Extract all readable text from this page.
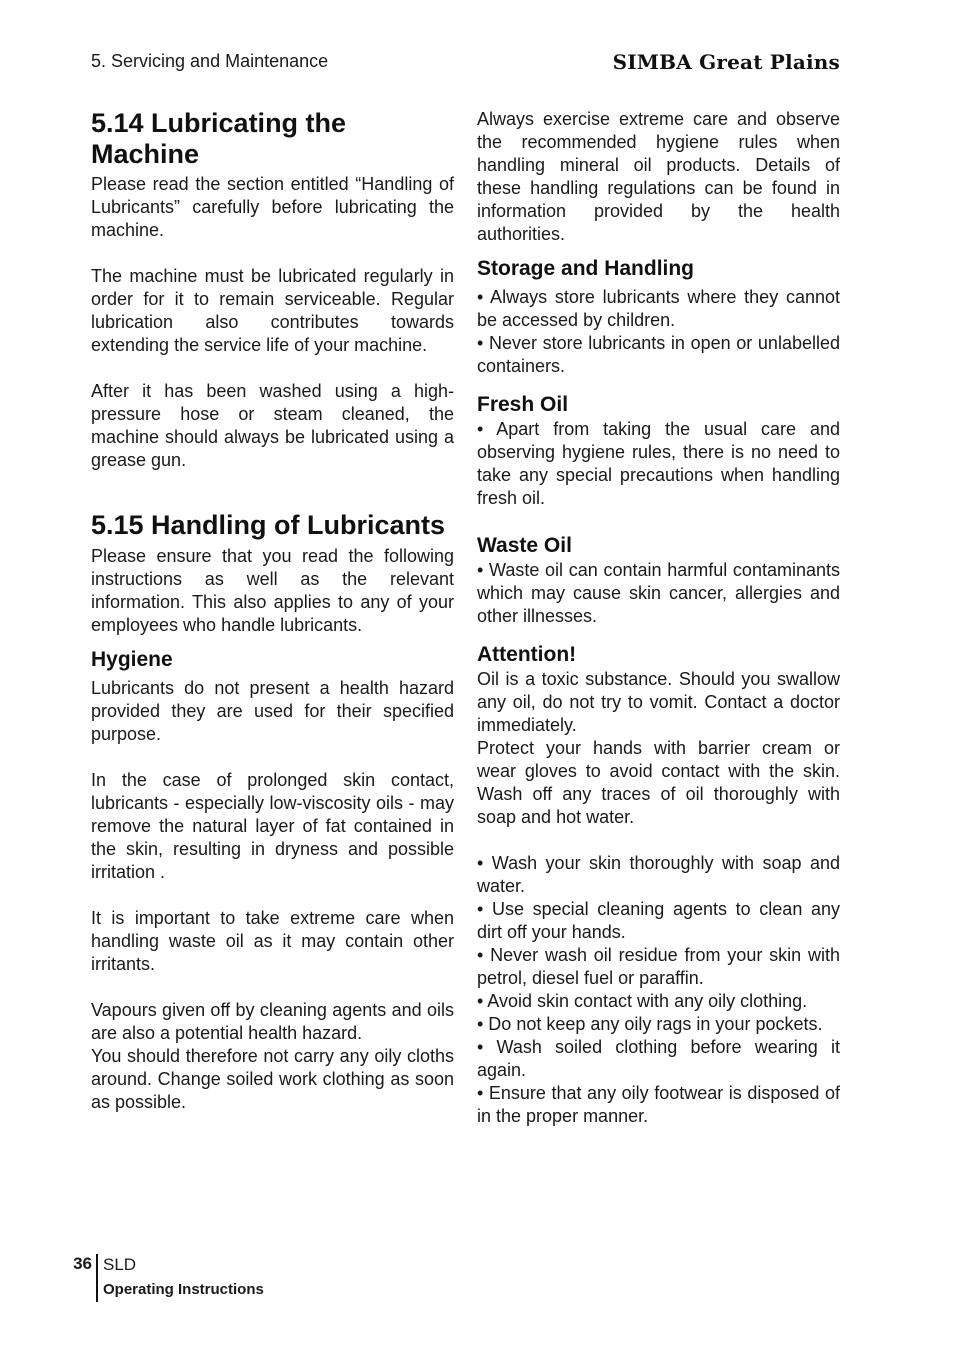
5. Servicing and Maintenance	SIMBA Great Plains
5.14 Lubricating the Machine

Please read the section entitled “Handling of Lubricants” carefully before lubricating the machine.

The machine must be lubricated regularly in order for it to remain serviceable. Regular lubrication also contributes towards extending the service life of your machine.

After it has been washed using a high-pressure hose or steam cleaned, the machine should always be lubricated using a grease gun.

5.15 Handling of Lubricants

Please ensure that you read the following instructions as well as the relevant information. This also applies to any of your employees who handle lubricants.

Hygiene

Lubricants do not present a health hazard provided they are used for their specified purpose.

In the case of prolonged skin contact, lubricants - especially low-viscosity oils - may remove the natural layer of fat contained in the skin, resulting in dryness and possible irritation .

It is important to take extreme care when handling waste oil as it may contain other irritants.

Vapours given off by cleaning agents and oils are also a potential health hazard.

You should therefore not carry any oily cloths around. Change soiled work clothing as soon as possible.

Always exercise extreme care and observe the recommended hygiene rules when handling mineral oil products. Details of these handling regulations can be found in information provided by the health authorities.

Storage and Handling

• Always store lubricants where they cannot be accessed by children.

• Never store lubricants in open or unlabelled containers.

Fresh Oil

• Apart from taking the usual care and observing hygiene rules, there is no need to take any special precautions when handling fresh oil.

Waste Oil

• Waste oil can contain harmful contaminants which may cause skin cancer, allergies and other illnesses.

Attention!

Oil is a toxic substance. Should you swallow any oil, do not try to vomit. Contact a doctor immediately.

Protect your hands with barrier cream or wear gloves to avoid contact with the skin. Wash off any traces of oil thoroughly with soap and hot water.

• Wash your skin thoroughly with soap and water.

• Use special cleaning agents to clean any dirt off your hands.

• Never wash oil residue from your skin with petrol, diesel fuel or paraffin.

• Avoid skin contact with any oily clothing.

• Do not keep any oily rags in your pockets.

• Wash soiled clothing before wearing it again.

• Ensure that any oily footwear is disposed of in the proper manner.

36 SLD
Operating Instructions
